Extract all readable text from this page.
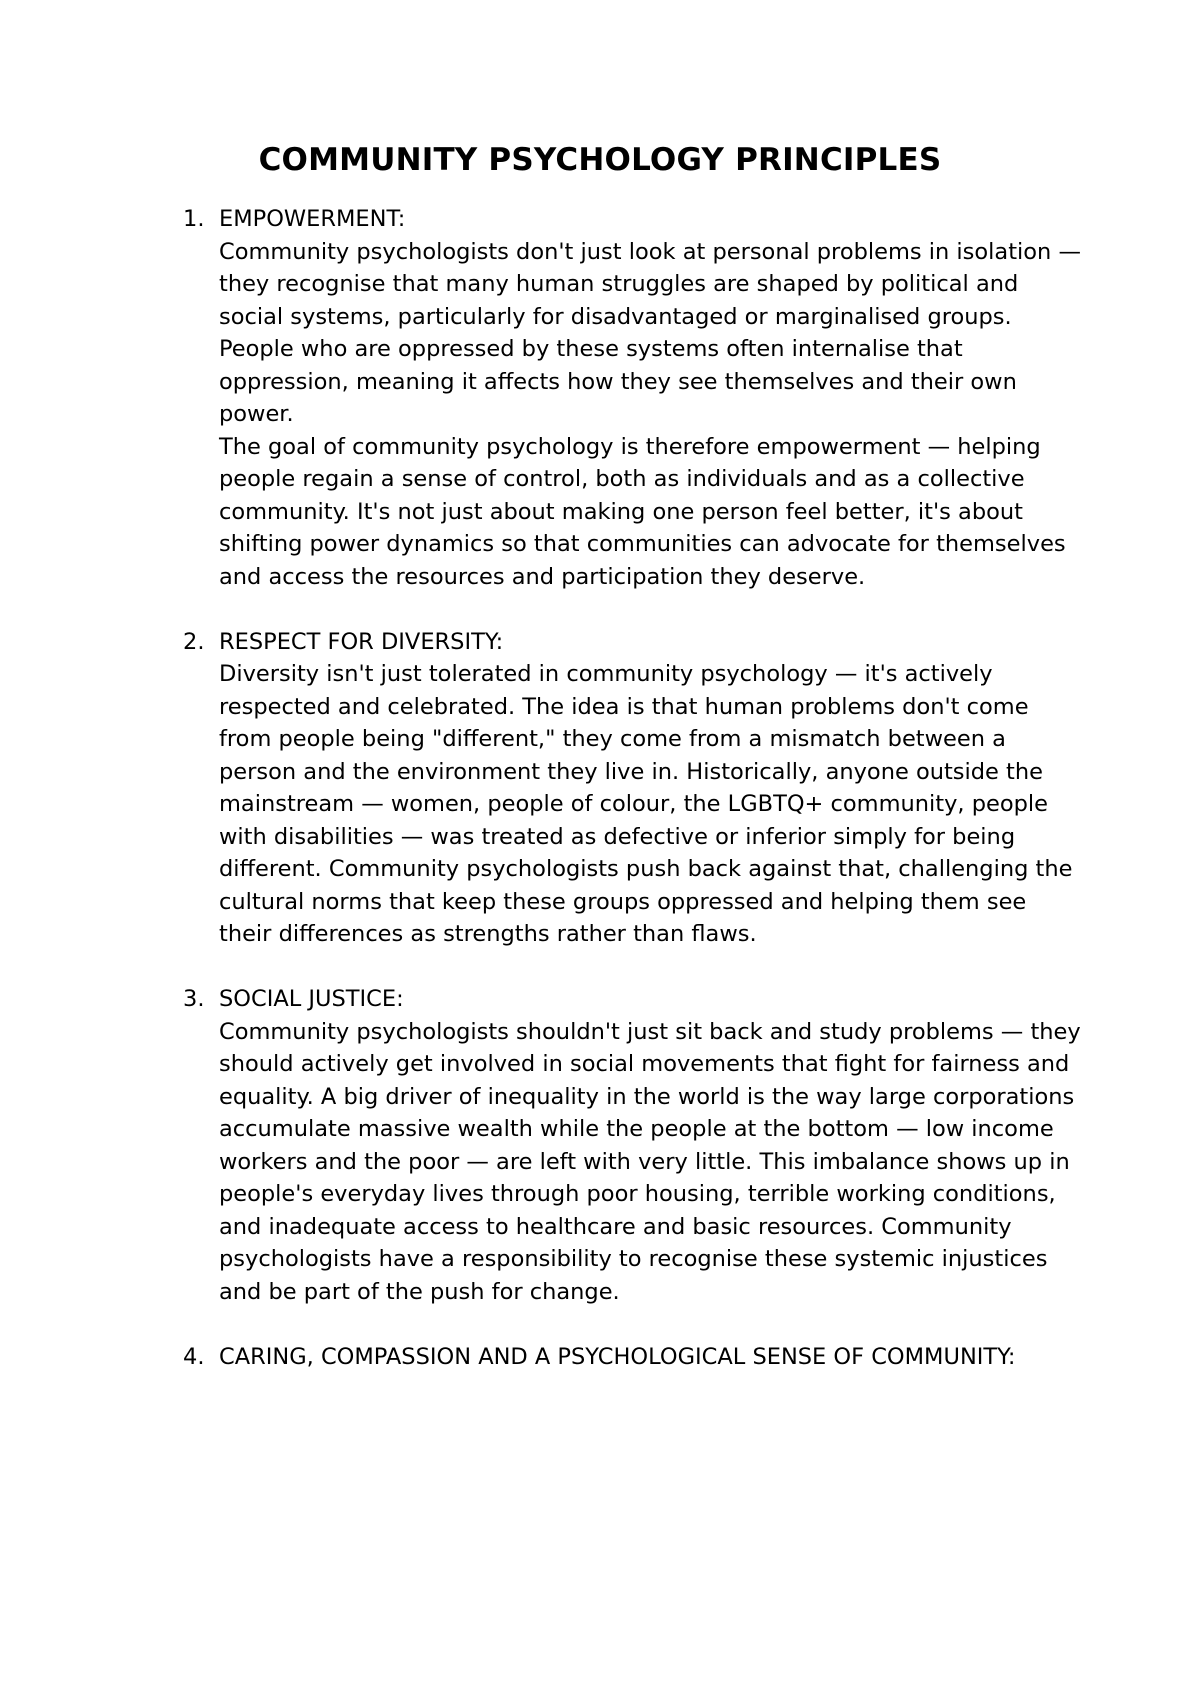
COMMUNITY PSYCHOLOGY PRINCIPLES
1. EMPOWERMENT:
Community psychologists don't just look at personal problems in isolation — they recognise that many human struggles are shaped by political and social systems, particularly for disadvantaged or marginalised groups. People who are oppressed by these systems often internalise that oppression, meaning it affects how they see themselves and their own power.
The goal of community psychology is therefore empowerment — helping people regain a sense of control, both as individuals and as a collective community. It's not just about making one person feel better, it's about shifting power dynamics so that communities can advocate for themselves and access the resources and participation they deserve.
2. RESPECT FOR DIVERSITY:
Diversity isn't just tolerated in community psychology — it's actively respected and celebrated. The idea is that human problems don't come from people being "different," they come from a mismatch between a person and the environment they live in. Historically, anyone outside the mainstream — women, people of colour, the LGBTQ+ community, people with disabilities — was treated as defective or inferior simply for being different. Community psychologists push back against that, challenging the cultural norms that keep these groups oppressed and helping them see their differences as strengths rather than flaws.
3. SOCIAL JUSTICE:
Community psychologists shouldn't just sit back and study problems — they should actively get involved in social movements that fight for fairness and equality. A big driver of inequality in the world is the way large corporations accumulate massive wealth while the people at the bottom — low income workers and the poor — are left with very little. This imbalance shows up in people's everyday lives through poor housing, terrible working conditions, and inadequate access to healthcare and basic resources. Community psychologists have a responsibility to recognise these systemic injustices and be part of the push for change.
4. CARING, COMPASSION AND A PSYCHOLOGICAL SENSE OF COMMUNITY:
